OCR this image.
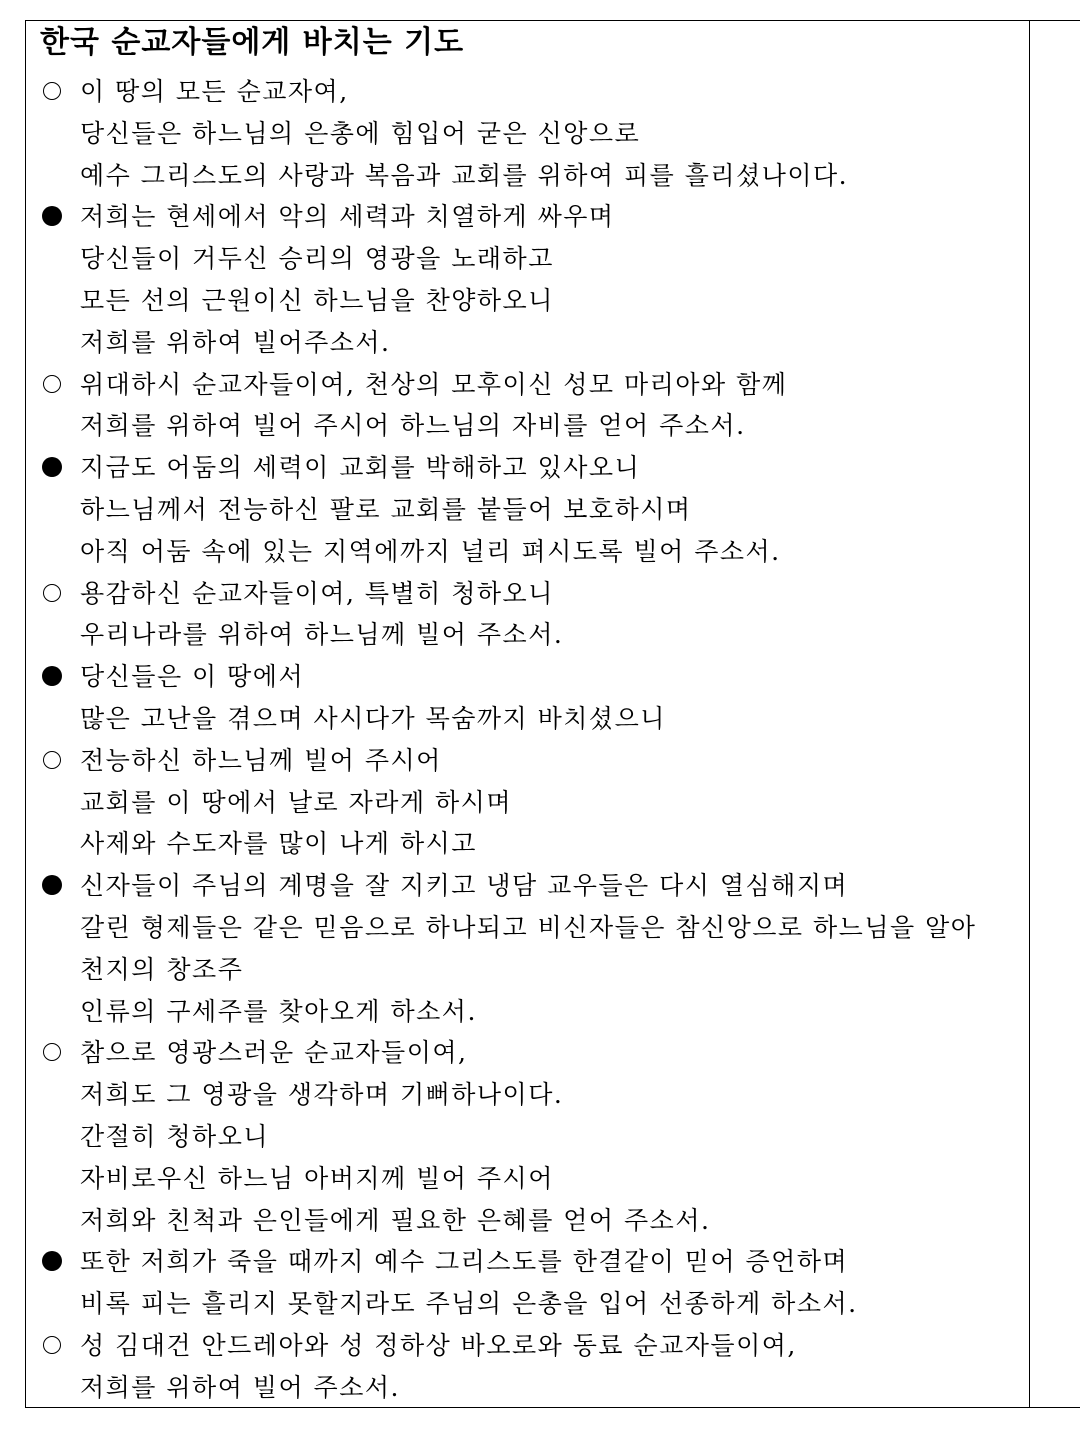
한국 순교자들에게 바치는 기도
이 땅의 모든 순교자여,
당신들은 하느님의 은총에 힘입어 굳은 신앙으로
예수 그리스도의 사랑과 복음과 교회를 위하여 피를 흘리셨나이다.
저희는 현세에서 악의 세력과 치열하게 싸우며
당신들이 거두신 승리의 영광을 노래하고
모든 선의 근원이신 하느님을 찬양하오니
저희를 위하여 빌어주소서.
위대하시 순교자들이여, 천상의 모후이신 성모 마리아와 함께
저희를 위하여 빌어 주시어 하느님의 자비를 얻어 주소서.
지금도 어둠의 세력이 교회를 박해하고 있사오니
하느님께서 전능하신 팔로 교회를 붙들어 보호하시며
아직 어둠 속에 있는 지역에까지 널리 펴시도록 빌어 주소서.
용감하신 순교자들이여, 특별히 청하오니
우리나라를 위하여 하느님께 빌어 주소서.
당신들은 이 땅에서
많은 고난을 겪으며 사시다가 목숨까지 바치셨으니
전능하신 하느님께 빌어 주시어
교회를 이 땅에서 날로 자라게 하시며
사제와 수도자를 많이 나게 하시고
신자들이 주님의 계명을 잘 지키고 냉담 교우들은 다시 열심해지며
갈린 형제들은 같은 믿음으로 하나되고 비신자들은 참신앙으로 하느님을 알아
천지의 창조주
인류의 구세주를 찾아오게 하소서.
참으로 영광스러운 순교자들이여,
저희도 그 영광을 생각하며 기뻐하나이다.
간절히 청하오니
자비로우신 하느님 아버지께 빌어 주시어
저희와 친척과 은인들에게 필요한 은혜를 얻어 주소서.
또한 저희가 죽을 때까지 예수 그리스도를 한결같이 믿어 증언하며
비록 피는 흘리지 못할지라도 주님의 은총을 입어 선종하게 하소서.
성 김대건 안드레아와 성 정하상 바오로와 동료 순교자들이여,
저희를 위하여 빌어 주소서.
